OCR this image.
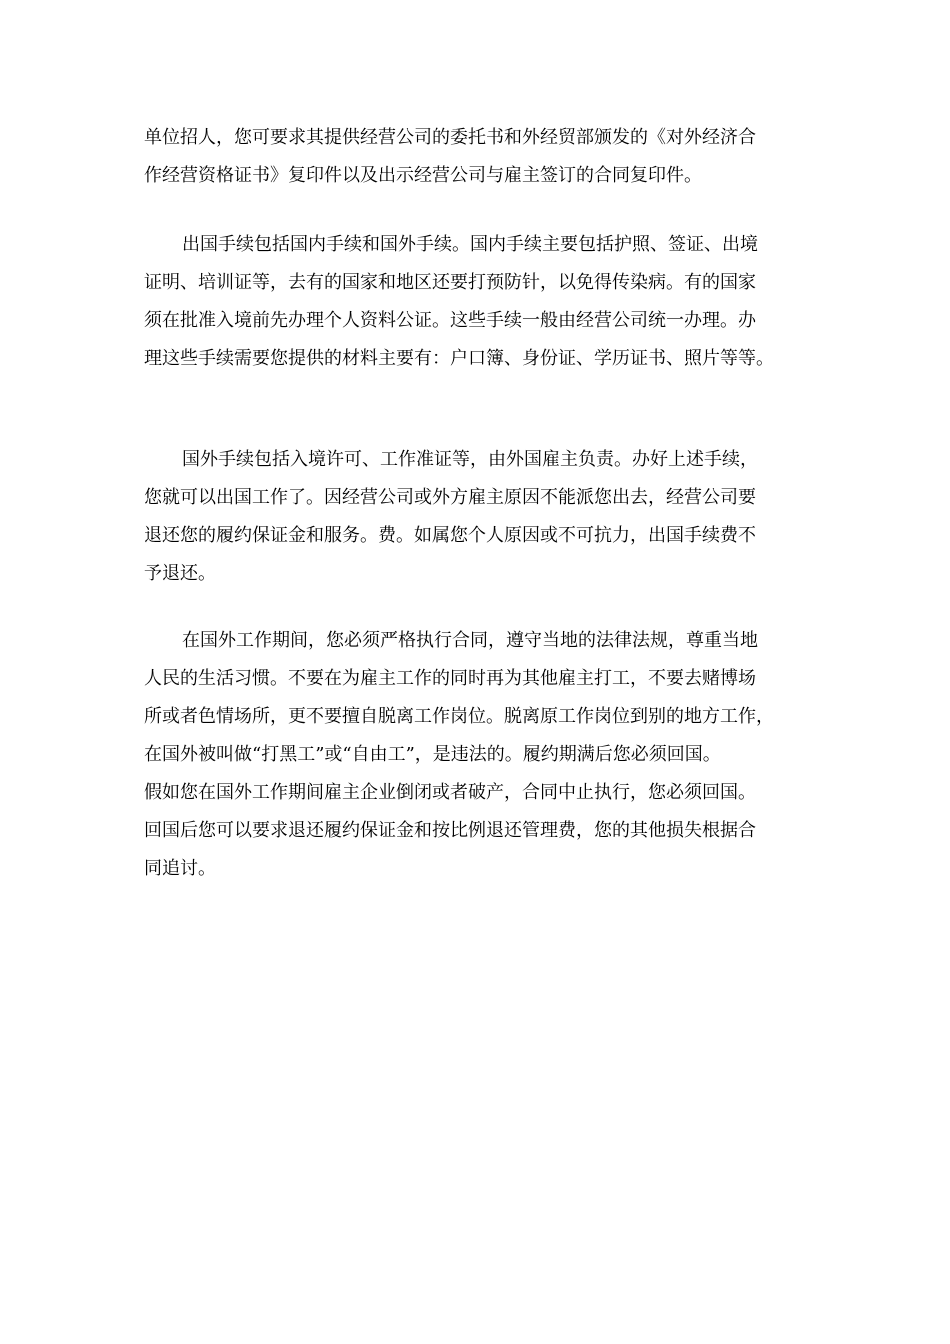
单位招人，您可要求其提供经营公司的委托书和外经贸部颁发的《对外经济合
作经营资格证书》复印件以及出示经营公司与雇主签订的合同复印件。
出国手续包括国内手续和国外手续。国内手续主要包括护照、签证、出境
证明、培训证等，去有的国家和地区还要打预防针，以免得传染病。有的国家
须在批准入境前先办理个人资料公证。这些手续一般由经营公司统一办理。办
理这些手续需要您提供的材料主要有：户口簿、身份证、学历证书、照片等等。
国外手续包括入境许可、工作准证等，由外国雇主负责。办好上述手续，
您就可以出国工作了。因经营公司或外方雇主原因不能派您出去，经营公司要
退还您的履约保证金和服务。费。如属您个人原因或不可抗力，出国手续费不
予退还。
在国外工作期间，您必须严格执行合同，遵守当地的法律法规，尊重当地
人民的生活习惯。不要在为雇主工作的同时再为其他雇主打工，不要去赌博场
所或者色情场所，更不要擅自脱离工作岗位。脱离原工作岗位到别的地方工作，
在国外被叫做“打黑工”或“自由工”，是违法的。履约期满后您必须回国。
假如您在国外工作期间雇主企业倒闭或者破产，合同中止执行，您必须回国。
回国后您可以要求退还履约保证金和按比例退还管理费，您的其他损失根据合
同追讨。
